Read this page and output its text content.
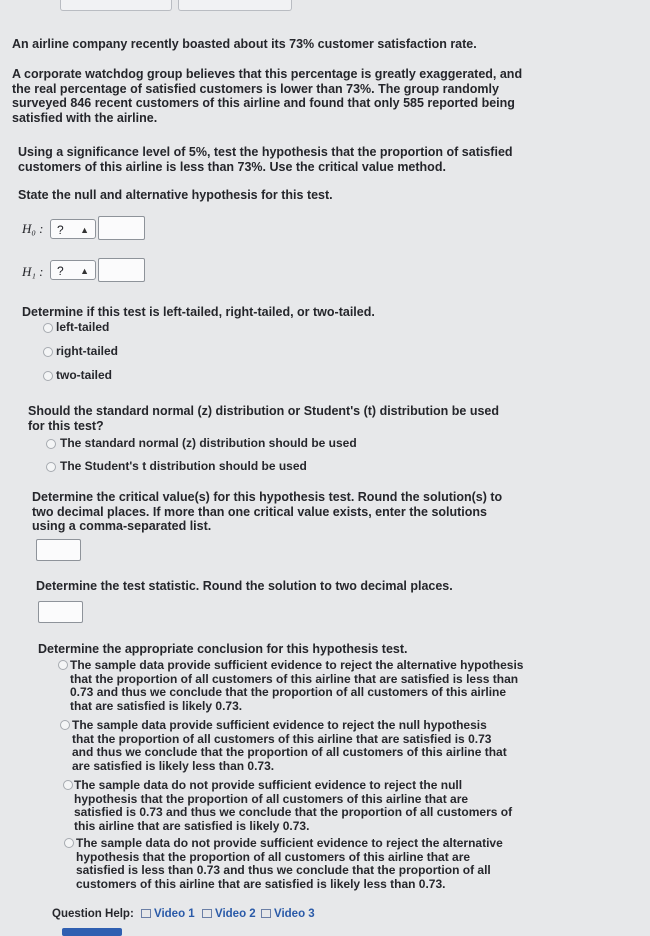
An airline company recently boasted about its 73% customer satisfaction rate.
A corporate watchdog group believes that this percentage is greatly exaggerated, and the real percentage of satisfied customers is lower than 73%. The group randomly surveyed 846 recent customers of this airline and found that only 585 reported being satisfied with the airline.
Using a significance level of 5%, test the hypothesis that the proportion of satisfied customers of this airline is less than 73%. Use the critical value method.
State the null and alternative hypothesis for this test.
H₀ :	? ▲

H₁ :	? ▲
Determine if this test is left-tailed, right-tailed, or two-tailed.
left-tailed
right-tailed
two-tailed
Should the standard normal (z) distribution or Student's (t) distribution be used for this test?
The standard normal (z) distribution should be used
The Student's t distribution should be used
Determine the critical value(s) for this hypothesis test. Round the solution(s) to two decimal places. If more than one critical value exists, enter the solutions using a comma-separated list.
Determine the test statistic. Round the solution to two decimal places.
Determine the appropriate conclusion for this hypothesis test.
The sample data provide sufficient evidence to reject the alternative hypothesis that the proportion of all customers of this airline that are satisfied is less than 0.73 and thus we conclude that the proportion of all customers of this airline that are satisfied is likely 0.73.
The sample data provide sufficient evidence to reject the null hypothesis that the proportion of all customers of this airline that are satisfied is 0.73 and thus we conclude that the proportion of all customers of this airline that are satisfied is likely less than 0.73.
The sample data do not provide sufficient evidence to reject the null hypothesis that the proportion of all customers of this airline that are satisfied is 0.73 and thus we conclude that the proportion of all customers of this airline that are satisfied is likely 0.73.
The sample data do not provide sufficient evidence to reject the alternative hypothesis that the proportion of all customers of this airline that are satisfied is less than 0.73 and thus we conclude that the proportion of all customers of this airline that are satisfied is likely less than 0.73.
Question Help:	Video 1	Video 2	Video 3
